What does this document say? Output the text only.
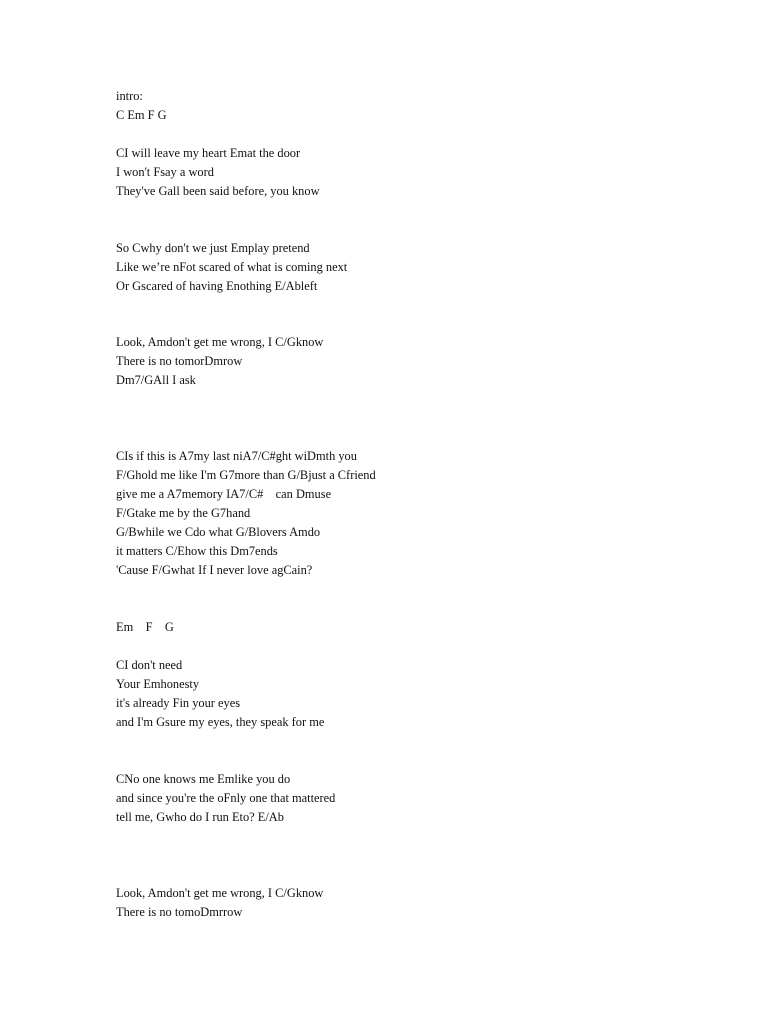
intro:
C Em F G
CI will leave my heart Emat the door
I won't Fsay a word
They've Gall been said before, you know
So Cwhy don't we just Emplay pretend
Like we’re nFot scared of what is coming next
Or Gscared of having Enothing E/Ableft
Look, Amdon't get me wrong, I C/Gknow
There is no tomorDmrow
Dm7/GAll I ask
CIs if this is A7my last niA7/C#ght wiDmth you
F/Ghold me like I'm G7more than G/Bjust a Cfriend
give me a A7memory IA7/C#    can Dmuse
F/Gtake me by the G7hand
G/Bwhile we Cdo what G/Blovers Amdo
it matters C/Ehow this Dm7ends
'Cause F/Gwhat If I never love agCain?
Em    F    G
CI don't need
Your Emhonesty
it's already Fin your eyes
and I'm Gsure my eyes, they speak for me
CNo one knows me Emlike you do
and since you're the oFnly one that mattered
tell me, Gwho do I run Eto? E/Ab
Look, Amdon't get me wrong, I C/Gknow
There is no tomoDmrrow
